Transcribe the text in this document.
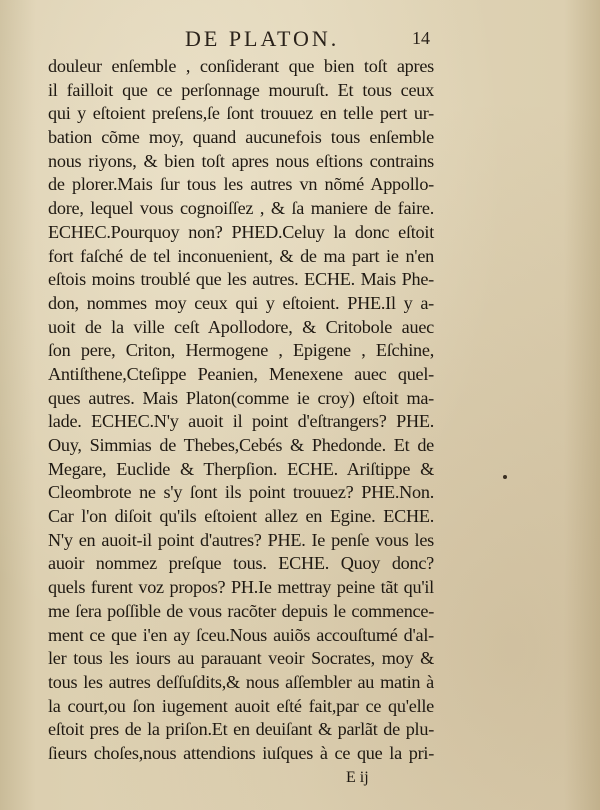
DE PLATON.	14
douleur enſemble , conſiderant que bien toſt apres
il failloit que ce perſonnage mouruſt. Et tous ceux
qui y eſtoient preſens,ſe ſont trouuez en telle pert ur-
bation cõme moy, quand aucunefois tous enſemble
nous riyons, & bien toſt apres nous eſtions contrains
de plorer.Mais ſur tous les autres vn nõmé Appollo-
dore, lequel vous cognoiſſez , & ſa maniere de faire.
ECHEC.Pourquoy non? PHED.Celuy la donc eſtoit
fort faſché de tel inconuenient, & de ma part ie n'en
eſtois moins troublé que les autres. ECHE. Mais Phe-
don, nommes moy ceux qui y eſtoient. PHE.Il y a-
uoit de la ville ceſt Apollodore, & Critobole auec
ſon pere, Criton, Hermogene , Epigene , Eſchine,
Antiſthene,Cteſippe Peanien, Menexene auec quel-
ques autres. Mais Platon(comme ie croy) eſtoit ma-
lade. ECHEC.N'y auoit il point d'eſtrangers? PHE.
Ouy, Simmias de Thebes,Cebés & Phedonde. Et de
Megare, Euclide & Therpſion. ECHE. Ariſtippe &
Cleombrote ne s'y ſont ils point trouuez? PHE.Non.
Car l'on diſoit qu'ils eſtoient allez en Egine. ECHE.
N'y en auoit-il point d'autres? PHE. Ie penſe vous les
auoir nommez preſque tous. ECHE. Quoy donc?
quels furent voz propos? PH.Ie mettray peine tãt qu'il
me ſera poſſible de vous racõter depuis le commence-
ment ce que i'en ay ſceu.Nous auiõs accouſtumé d'al-
ler tous les iours au parauant veoir Socrates, moy &
tous les autres deſſuſdits,& nous aſſembler au matin à
la court,ou ſon iugement auoit eſté fait,par ce qu'elle
eſtoit pres de la priſon.Et en deuiſant & parlãt de plu-
ſieurs choſes,nous attendions iuſques à ce que la pri-
E ij
